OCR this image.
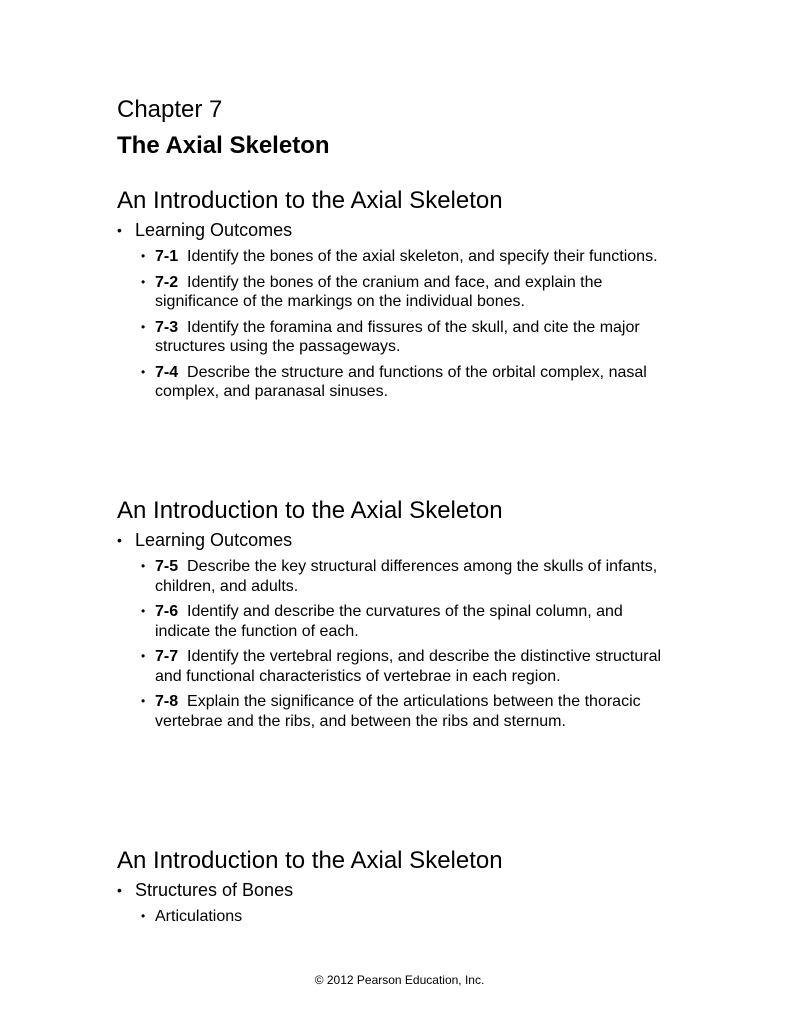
Chapter 7
The Axial Skeleton
An Introduction to the Axial Skeleton
• Learning Outcomes
• 7-1 Identify the bones of the axial skeleton, and specify their functions.
• 7-2 Identify the bones of the cranium and face, and explain the significance of the markings on the individual bones.
• 7-3 Identify the foramina and fissures of the skull, and cite the major structures using the passageways.
• 7-4 Describe the structure and functions of the orbital complex, nasal complex, and paranasal sinuses.
An Introduction to the Axial Skeleton
• Learning Outcomes
• 7-5 Describe the key structural differences among the skulls of infants, children, and adults.
• 7-6 Identify and describe the curvatures of the spinal column, and indicate the function of each.
• 7-7 Identify the vertebral regions, and describe the distinctive structural and functional characteristics of vertebrae in each region.
• 7-8 Explain the significance of the articulations between the thoracic vertebrae and the ribs, and between the ribs and sternum.
An Introduction to the Axial Skeleton
• Structures of Bones
• Articulations
© 2012 Pearson Education, Inc.
